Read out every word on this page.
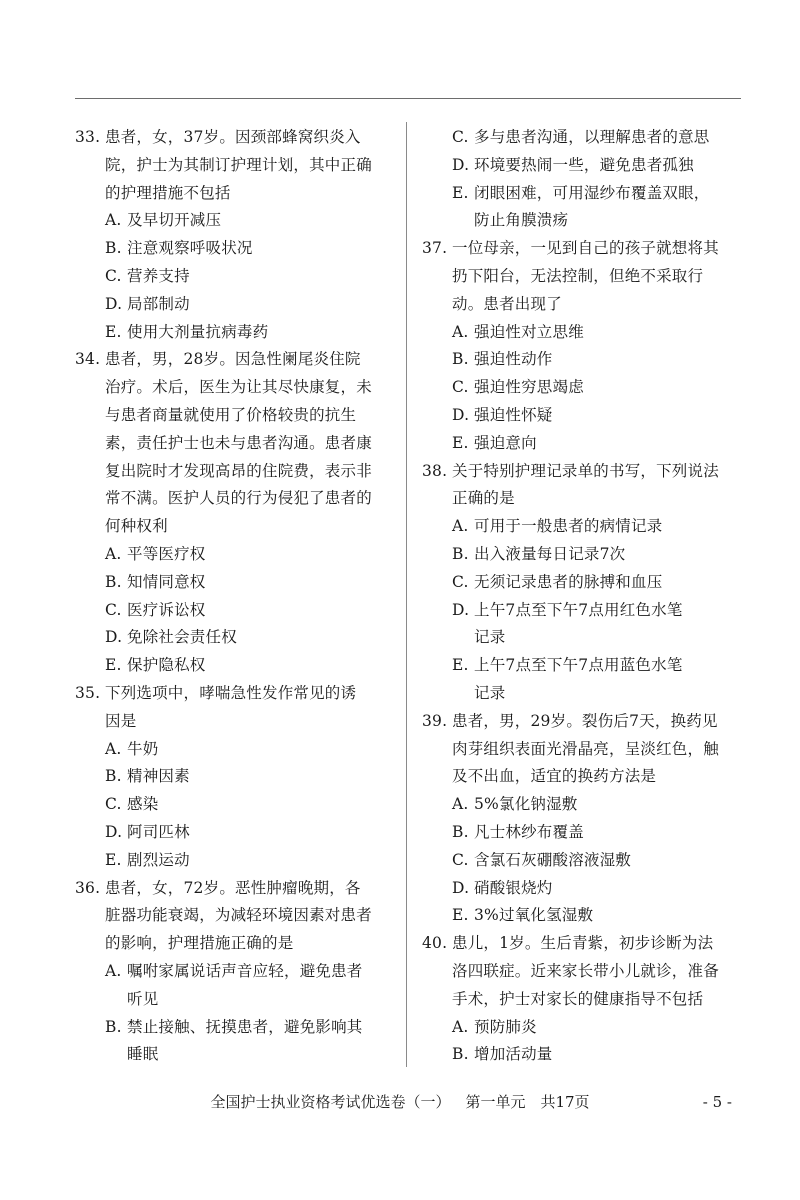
33. 患者，女，37岁。因颈部蜂窝织炎入
院，护士为其制订护理计划，其中正确
的护理措施不包括
A. 及早切开减压
B. 注意观察呼吸状况
C. 营养支持
D. 局部制动
E. 使用大剂量抗病毒药
34. 患者，男，28岁。因急性阑尾炎住院
治疗。术后，医生为让其尽快康复，未
与患者商量就使用了价格较贵的抗生
素，责任护士也未与患者沟通。患者康
复出院时才发现高昂的住院费，表示非
常不满。医护人员的行为侵犯了患者的
何种权利
A. 平等医疗权
B. 知情同意权
C. 医疗诉讼权
D. 免除社会责任权
E. 保护隐私权
35. 下列选项中，哮喘急性发作常见的诱
因是
A. 牛奶
B. 精神因素
C. 感染
D. 阿司匹林
E. 剧烈运动
36. 患者，女，72岁。恶性肿瘤晚期，各
脏器功能衰竭，为减轻环境因素对患者
的影响，护理措施正确的是
A. 嘱咐家属说话声音应轻，避免患者
听见
B. 禁止接触、抚摸患者，避免影响其
睡眠
C. 多与患者沟通，以理解患者的意思
D. 环境要热闹一些，避免患者孤独
E. 闭眼困难，可用湿纱布覆盖双眼，
防止角膜溃疡
37. 一位母亲，一见到自己的孩子就想将其
扔下阳台，无法控制，但绝不采取行
动。患者出现了
A. 强迫性对立思维
B. 强迫性动作
C. 强迫性穷思竭虑
D. 强迫性怀疑
E. 强迫意向
38. 关于特别护理记录单的书写，下列说法
正确的是
A. 可用于一般患者的病情记录
B. 出入液量每日记录7次
C. 无须记录患者的脉搏和血压
D. 上午7点至下午7点用红色水笔
记录
E. 上午7点至下午7点用蓝色水笔
记录
39. 患者，男，29岁。裂伤后7天，换药见
肉芽组织表面光滑晶亮，呈淡红色，触
及不出血，适宜的换药方法是
A. 5%氯化钠湿敷
B. 凡士林纱布覆盖
C. 含氯石灰硼酸溶液湿敷
D. 硝酸银烧灼
E. 3%过氧化氢湿敷
40. 患儿，1岁。生后青紫，初步诊断为法
洛四联症。近来家长带小儿就诊，准备
手术，护士对家长的健康指导不包括
A. 预防肺炎
B. 增加活动量
全国护士执业资格考试优选卷（一）  第一单元  共17页	- 5 -
